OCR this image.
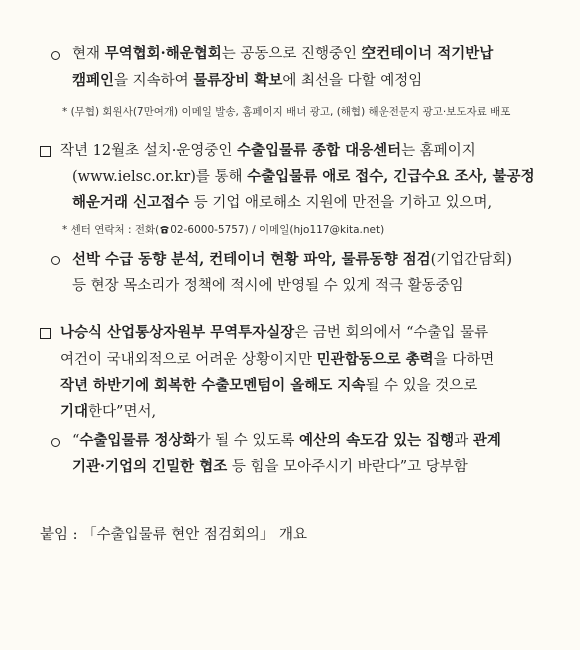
현재 무역협회·해운협회는 공동으로 진행중인 空컨테이너 적기반납
캠페인을 지속하여 물류장비 확보에 최선을 다할 예정임
* (무협) 회원사(7만여개) 이메일 발송, 홈페이지 배너 광고, (해협) 해운전문지 광고·보도자료 배포
작년 12월초 설치·운영중인 수출입물류 종합 대응센터는 홈페이지
(www.ielsc.or.kr)를 통해 수출입물류 애로 접수, 긴급수요 조사, 불공정
해운거래 신고접수 등 기업 애로해소 지원에 만전을 기하고 있으며,
* 센터 연락처 : 전화( 02-6000-5757) / 이메일(hjo117@kita.net)
선박 수급 동향 분석, 컨테이너 현황 파악, 물류동향 점검(기업간담회)
등 현장 목소리가 정책에 적시에 반영될 수 있게 적극 활동중임
나승식 산업통상자원부 무역투자실장은 금번 회의에서 “수출입 물류
여건이 국내외적으로 어려운 상황이지만 민관합동으로 총력을 다하면
작년 하반기에 회복한 수출모멘텀이 올해도 지속될 수 있을 것으로
기대한다”면서,
“수출입물류 정상화가 될 수 있도록 예산의 속도감 있는 집행과 관계
기관·기업의 긴밀한 협조 등 힘을 모아주시기 바란다”고 당부함
붙임 : 「수출입물류 현안 점검회의」 개요
